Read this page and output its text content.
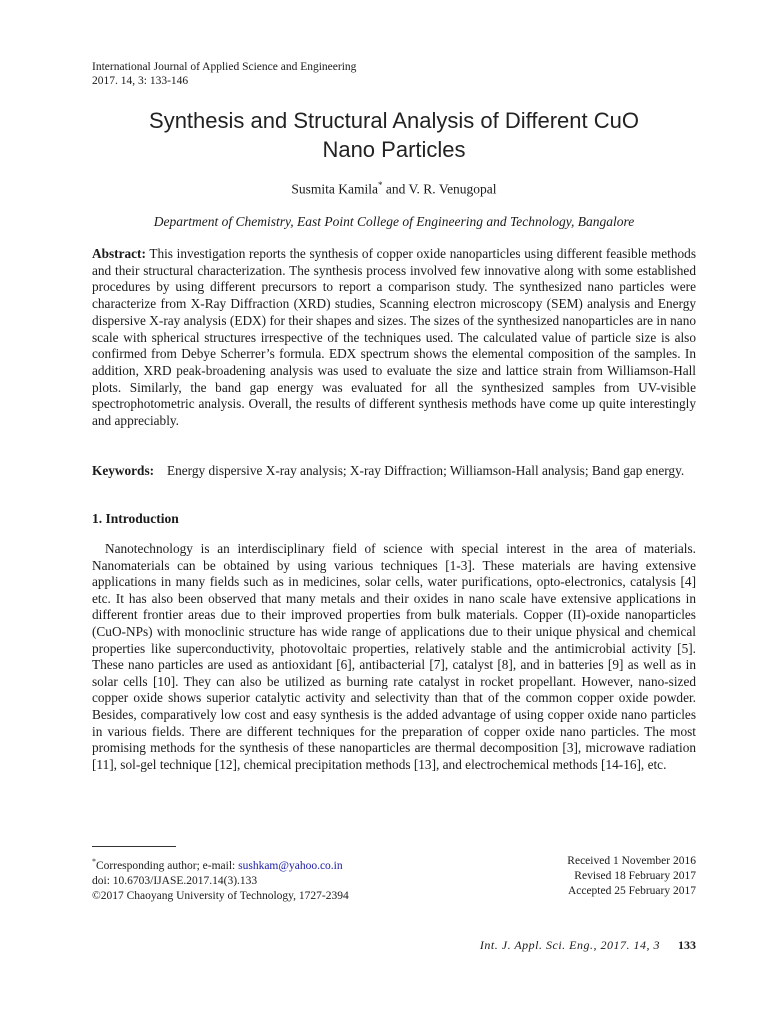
International Journal of Applied Science and Engineering
2017. 14, 3: 133-146
Synthesis and Structural Analysis of Different CuO
Nano Particles
Susmita Kamila* and V. R. Venugopal
Department of Chemistry, East Point College of Engineering and Technology, Bangalore
Abstract: This investigation reports the synthesis of copper oxide nanoparticles using different feasible methods and their structural characterization. The synthesis process involved few innovative along with some established procedures by using different precursors to report a comparison study. The synthesized nano particles were characterize from X-Ray Diffraction (XRD) studies, Scanning electron microscopy (SEM) analysis and Energy dispersive X-ray analysis (EDX) for their shapes and sizes. The sizes of the synthesized nanoparticles are in nano scale with spherical structures irrespective of the techniques used. The calculated value of particle size is also confirmed from Debye Scherrer’s formula. EDX spectrum shows the elemental composition of the samples. In addition, XRD peak-broadening analysis was used to evaluate the size and lattice strain from Williamson-Hall plots. Similarly, the band gap energy was evaluated for all the synthesized samples from UV-visible spectrophotometric analysis. Overall, the results of different synthesis methods have come up quite interestingly and appreciably.
Keywords: Energy dispersive X-ray analysis; X-ray Diffraction; Williamson-Hall analysis; Band gap energy.
1. Introduction
Nanotechnology is an interdisciplinary field of science with special interest in the area of materials. Nanomaterials can be obtained by using various techniques [1-3]. These materials are having extensive applications in many fields such as in medicines, solar cells, water purifications, opto-electronics, catalysis [4] etc. It has also been observed that many metals and their oxides in nano scale have extensive applications in different frontier areas due to their improved properties from bulk materials. Copper (II)-oxide nanoparticles (CuO-NPs) with monoclinic structure has wide range of applications due to their unique physical and chemical properties like superconductivity, photovoltaic properties, relatively stable and the antimicrobial activity [5]. These nano particles are used as antioxidant [6], antibacterial [7], catalyst [8], and in batteries [9] as well as in solar cells [10]. They can also be utilized as burning rate catalyst in rocket propellant. However, nano-sized copper oxide shows superior catalytic activity and selectivity than that of the common copper oxide powder. Besides, comparatively low cost and easy synthesis is the added advantage of using copper oxide nano particles in various fields. There are different techniques for the preparation of copper oxide nano particles. The most promising methods for the synthesis of these nanoparticles are thermal decomposition [3], microwave radiation [11], sol-gel technique [12], chemical precipitation methods [13], and electrochemical methods [14-16], etc.
*Corresponding author; e-mail: sushkam@yahoo.co.in
doi: 10.6703/IJASE.2017.14(3).133
©2017 Chaoyang University of Technology, 1727-2394
Received 1 November 2016
Revised 18 February 2017
Accepted 25 February 2017
Int. J. Appl. Sci. Eng., 2017. 14, 3 133
